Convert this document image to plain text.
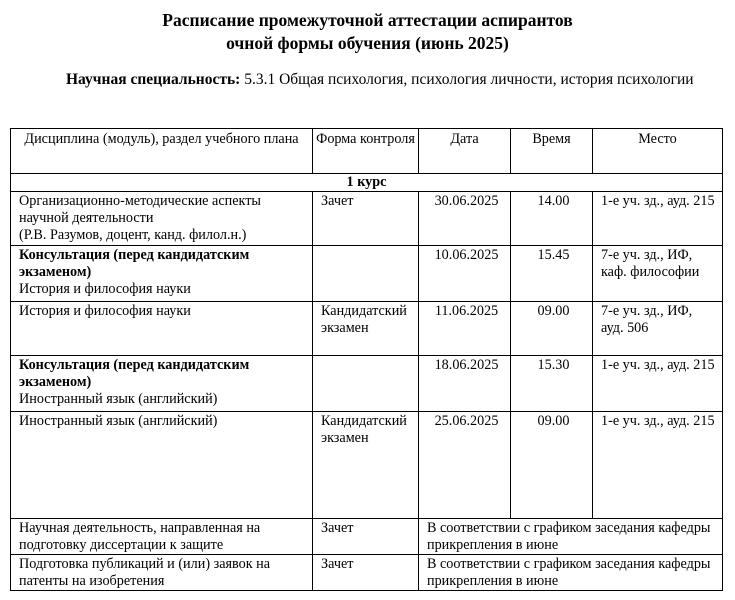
Расписание промежуточной аттестации аспирантов
очной формы обучения (июнь 2025)
Научная специальность: 5.3.1 Общая психология, психология личности, история психологии
Дисциплина (модуль), раздел учебного плана	Форма контроля	Дата	Время	Место
1 курс				

Организационно-методические аспекты научной деятельности
(Р.В. Разумов, доцент, канд. филол.н.)	Зачет	30.06.2025	14.00	1-е уч. зд., ауд. 215

Консультация (перед кандидатским экзаменом)
История и философия науки		10.06.2025	15.45	7-е уч. зд., ИФ, каф. философии
История и философия науки	Кандидатский экзамен	11.06.2025	09.00	7-е уч. зд., ИФ, ауд. 506

Консультация (перед кандидатским экзаменом)
Иностранный язык (английский)		18.06.2025	15.30	1-е уч. зд., ауд. 215
Иностранный язык (английский)	Кандидатский экзамен	25.06.2025	09.00	1-е уч. зд., ауд. 215
Научная деятельность, направленная на подготовку диссертации к защите	Зачет	В соответствии с графиком заседания кафедры прикрепления в июне		
Подготовка публикаций и (или) заявок на патенты на изобретения	Зачет	В соответствии с графиком заседания кафедры прикрепления в июне		
